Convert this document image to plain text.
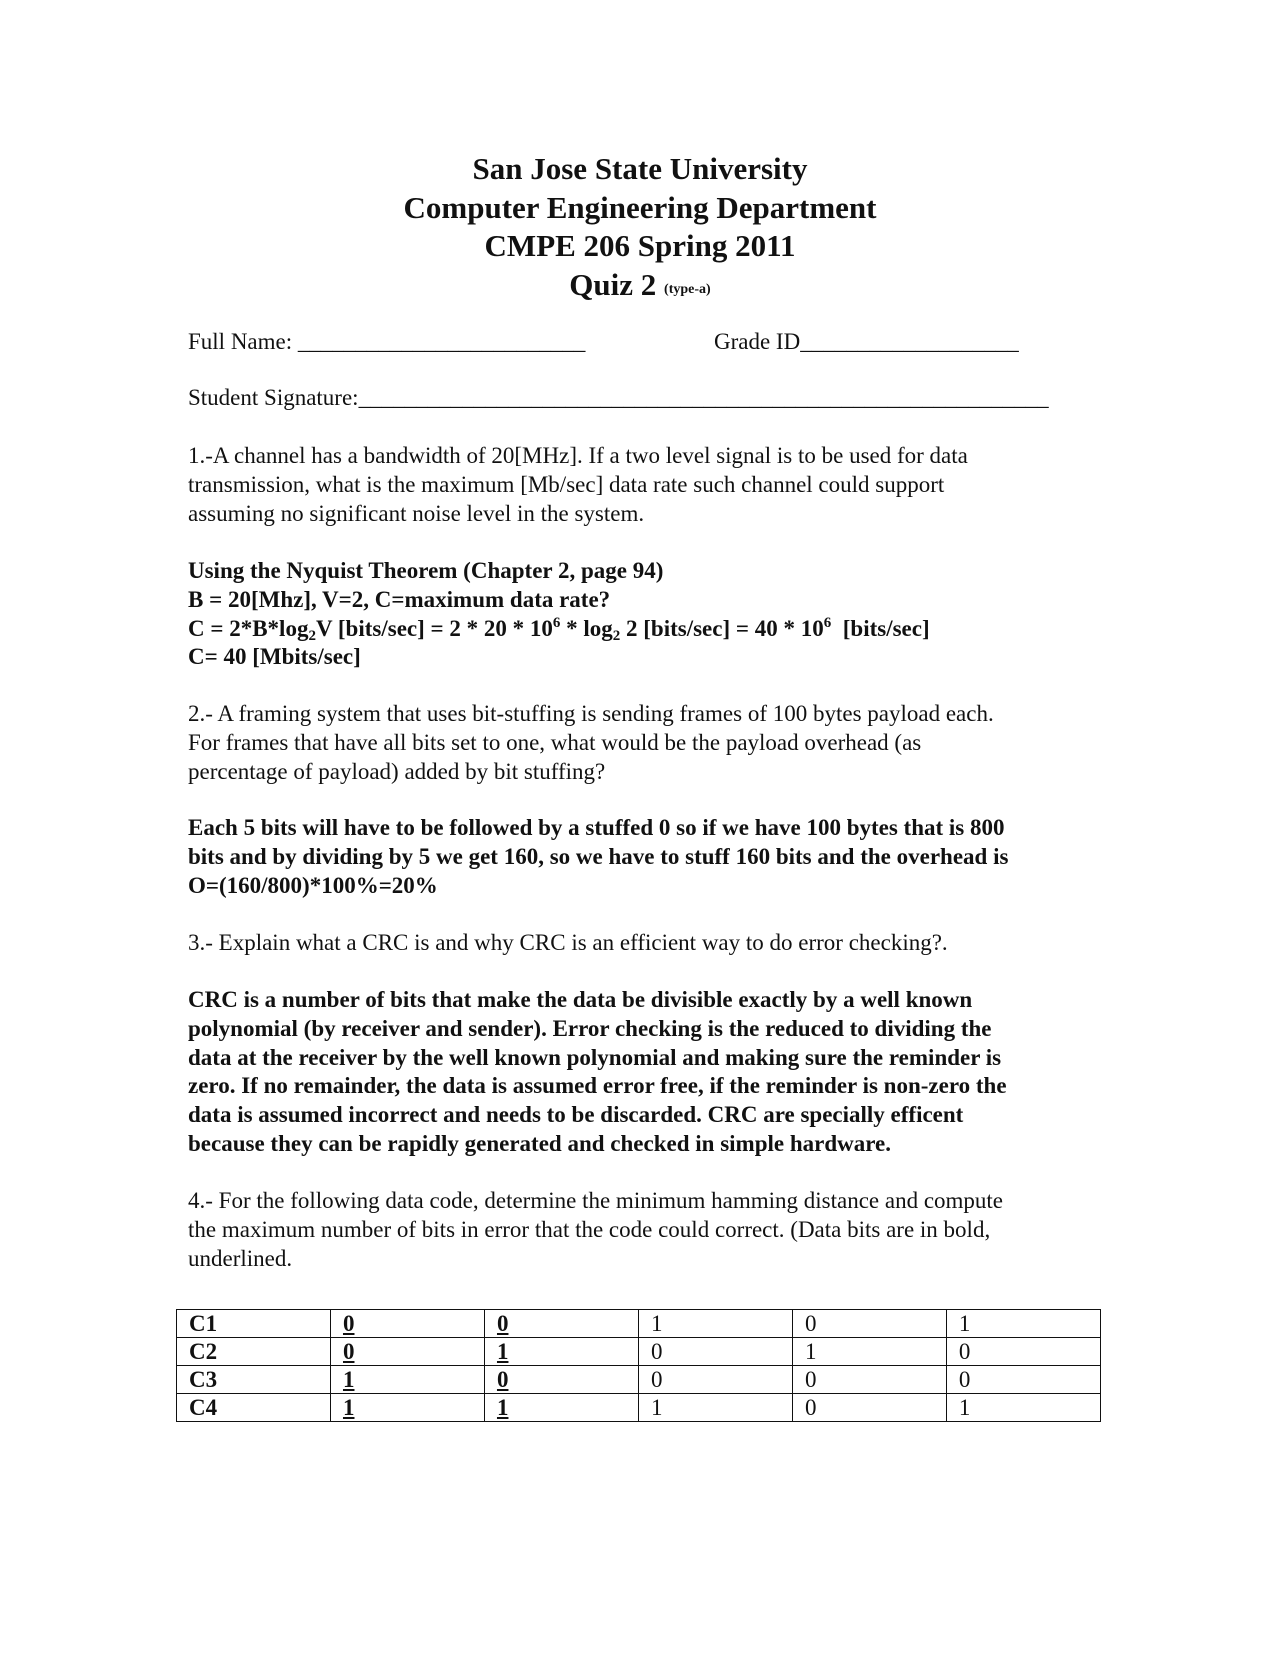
San Jose State University
Computer Engineering Department
CMPE 206 Spring 2011
Quiz 2 (type-a)
Full Name: _________________________	Grade ID___________________
Student Signature:____________________________________________________________
1.-A channel has a bandwidth of 20[MHz]. If a two level signal is to be used for data
transmission, what is the maximum [Mb/sec] data rate such channel could support
assuming no significant noise level in the system.
Using the Nyquist Theorem (Chapter 2, page 94)
B = 20[Mhz], V=2, C=maximum data rate?
$C = 2*B*\log_2V$ [bits/sec] = $2 * 20 * 10^6 * \log_2 2$ [bits/sec] = $40 * 10^6$  [bits/sec]
C= 40 [Mbits/sec]
2.- A framing system that uses bit-stuffing is sending frames of 100 bytes payload each.
For frames that have all bits set to one, what would be the payload overhead (as
percentage of payload) added by bit stuffing?
Each 5 bits will have to be followed by a stuffed 0 so if we have 100 bytes that is 800
bits and by dividing by 5 we get 160, so we have to stuff 160 bits and the overhead is
O=(160/800)*100%=20%
3.- Explain what a CRC is and why CRC is an efficient way to do error checking?.
CRC is a number of bits that make the data be divisible exactly by a well known
polynomial (by receiver and sender). Error checking is the reduced to dividing the
data at the receiver by the well known polynomial and making sure the reminder is
zero. If no remainder, the data is assumed error free, if the reminder is non-zero the
data is assumed incorrect and needs to be discarded. CRC are specially efficent
because they can be rapidly generated and checked in simple hardware.
4.- For the following data code, determine the minimum hamming distance and compute
the maximum number of bits in error that the code could correct. (Data bits are in bold,
underlined.
C1	0	0	1	0	1
C2	0	1	0	1	0
C3	1	0	0	0	0
C4	1	1	1	0	1
